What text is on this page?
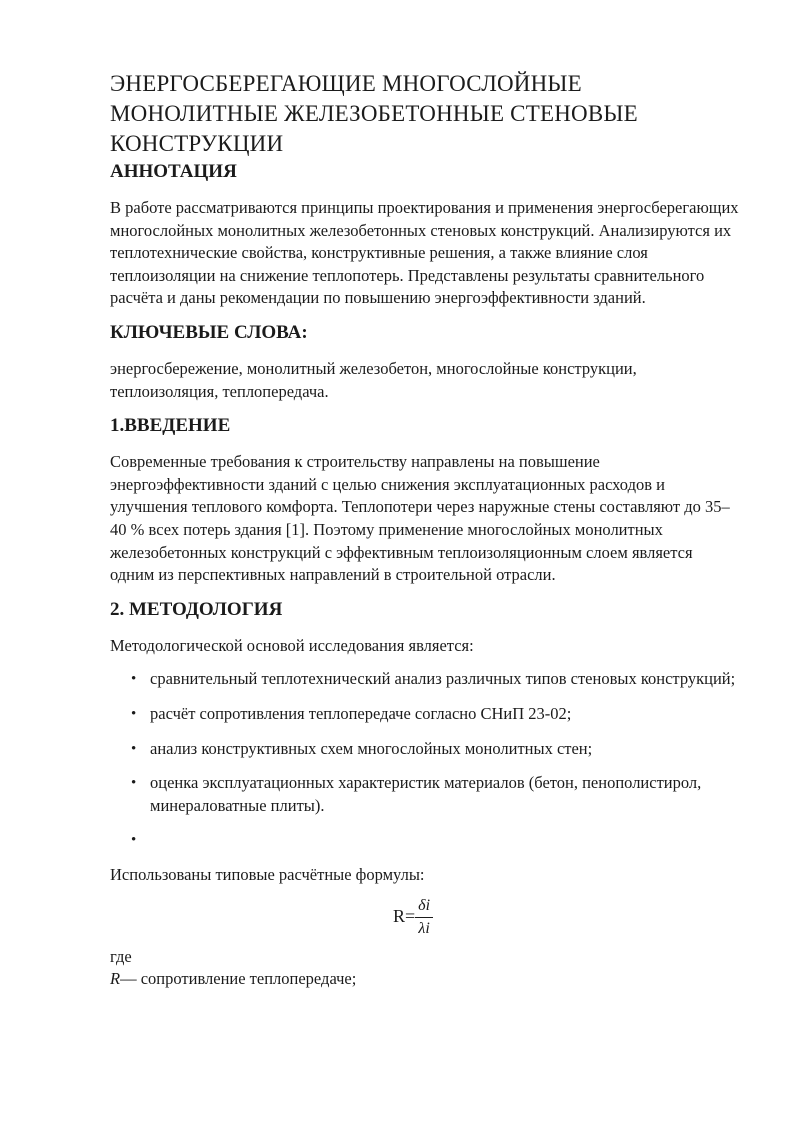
ЭНЕРГОСБЕРЕГАЮЩИЕ МНОГОСЛОЙНЫЕ МОНОЛИТНЫЕ ЖЕЛЕЗОБЕТОННЫЕ СТЕНОВЫЕ КОНСТРУКЦИИ
АННОТАЦИЯ

В работе рассматриваются принципы проектирования и применения энергосберегающих многослойных монолитных железобетонных стеновых конструкций. Анализируются их теплотехнические свойства, конструктивные решения, а также влияние слоя теплоизоляции на снижение теплопотерь. Представлены результаты сравнительного расчёта и даны рекомендации по повышению энергоэффективности зданий.

КЛЮЧЕВЫЕ СЛОВА:

энергосбережение, монолитный железобетон, многослойные конструкции, теплоизоляция, теплопередача.

1.ВВЕДЕНИЕ

Современные требования к строительству направлены на повышение энергоэффективности зданий с целью снижения эксплуатационных расходов и улучшения теплового комфорта. Теплопотери через наружные стены составляют до 35–40 % всех потерь здания [1]. Поэтому применение многослойных монолитных железобетонных конструкций с эффективным теплоизоляционным слоем является одним из перспективных направлений в строительной отрасли.

2. МЕТОДОЛОГИЯ

Методологической основой исследования является:

• сравнительный теплотехнический анализ различных типов стеновых конструкций;
• расчёт сопротивления теплопередаче согласно СНиП 23-02;
• анализ конструктивных схем многослойных монолитных стен;
• оценка эксплуатационных характеристик материалов (бетон, пенополистирол, минераловатные плиты).
•

Использованы типовые расчётные формулы:

$R= \frac{\delta i}{\lambda i}$
где
R— сопротивление теплопередаче;
